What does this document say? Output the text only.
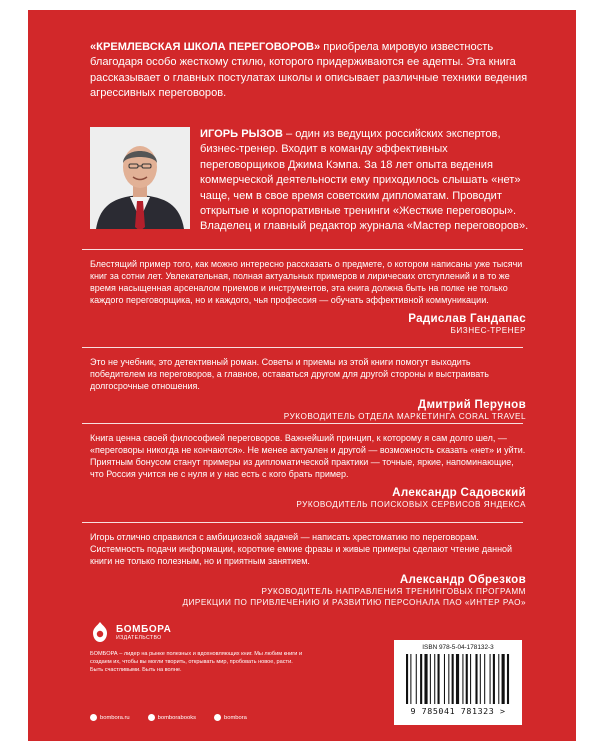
«КРЕМЛЕВСКАЯ ШКОЛА ПЕРЕГОВОРОВ» приобрела мировую известность благодаря особо жесткому стилю, которого придерживаются ее адепты. Эта книга рассказывает о главных постулатах школы и описывает различные техники ведения агрессивных переговоров.

ИГОРЬ РЫЗОВ – один из ведущих российских экспертов, бизнес-тренер. Входит в команду эффективных переговорщиков Джима Кэмпа. За 18 лет опыта ведения коммерческой деятельности ему приходилось слышать «нет» чаще, чем в свое время советским дипломатам. Проводит открытые и корпоративные тренинги «Жесткие переговоры». Владелец и главный редактор журнала «Мастер переговоров».

Блестящий пример того, как можно интересно рассказать о предмете, о котором написаны уже тысячи книг за сотни лет. Увлекательная, полная актуальных примеров и лирических отступлений и в то же время насыщенная арсеналом приемов и инструментов, эта книга должна быть на полке не только каждого переговорщика, но и каждого, чья профессия — обучать эффективной коммуникации.
Радислав Гандапас
БИЗНЕС-ТРЕНЕР
Это не учебник, это детективный роман. Советы и приемы из этой книги помогут выходить победителем из переговоров, а главное, оставаться другом для другой стороны и выстраивать долгосрочные отношения.
Дмитрий Перунов
РУКОВОДИТЕЛЬ ОТДЕЛА МАРКЕТИНГА CORAL TRAVEL
Книга ценна своей философией переговоров. Важнейший принцип, к которому я сам долго шел, — «переговоры никогда не кончаются». Не менее актуален и другой — возможность сказать «нет» и уйти. Приятным бонусом станут примеры из дипломатической практики — точные, яркие, напоминающие, что Россия учится не с нуля и у нас есть с кого брать пример.
Александр Садовский
РУКОВОДИТЕЛЬ ПОИСКОВЫХ СЕРВИСОВ ЯНДЕКСА
Игорь отлично справился с амбициозной задачей — написать хрестоматию по переговорам. Системность подачи информации, короткие емкие фразы и живые примеры сделают чтение данной книги не только полезным, но и приятным занятием.
Александр Обрезков
РУКОВОДИТЕЛЬ НАПРАВЛЕНИЯ ТРЕНИНГОВЫХ ПРОГРАММ
ДИРЕКЦИИ ПО ПРИВЛЕЧЕНИЮ И РАЗВИТИЮ ПЕРСОНАЛА ПАО «ИНТЕР РАО»
БОМБОРА
ИЗДАТЕЛЬСТВО
БОМБОРА – лидер на рынке полезных и вдохновляющих книг. Мы любим книги и создаем их, чтобы вы могли творить, открывать мир, пробовать новое, расти. Быть счастливыми. Быть на волне.
bombora.ru	bomborabooks	bombora
ISBN 978-5-04-178132-3
9 785041 781323 >
